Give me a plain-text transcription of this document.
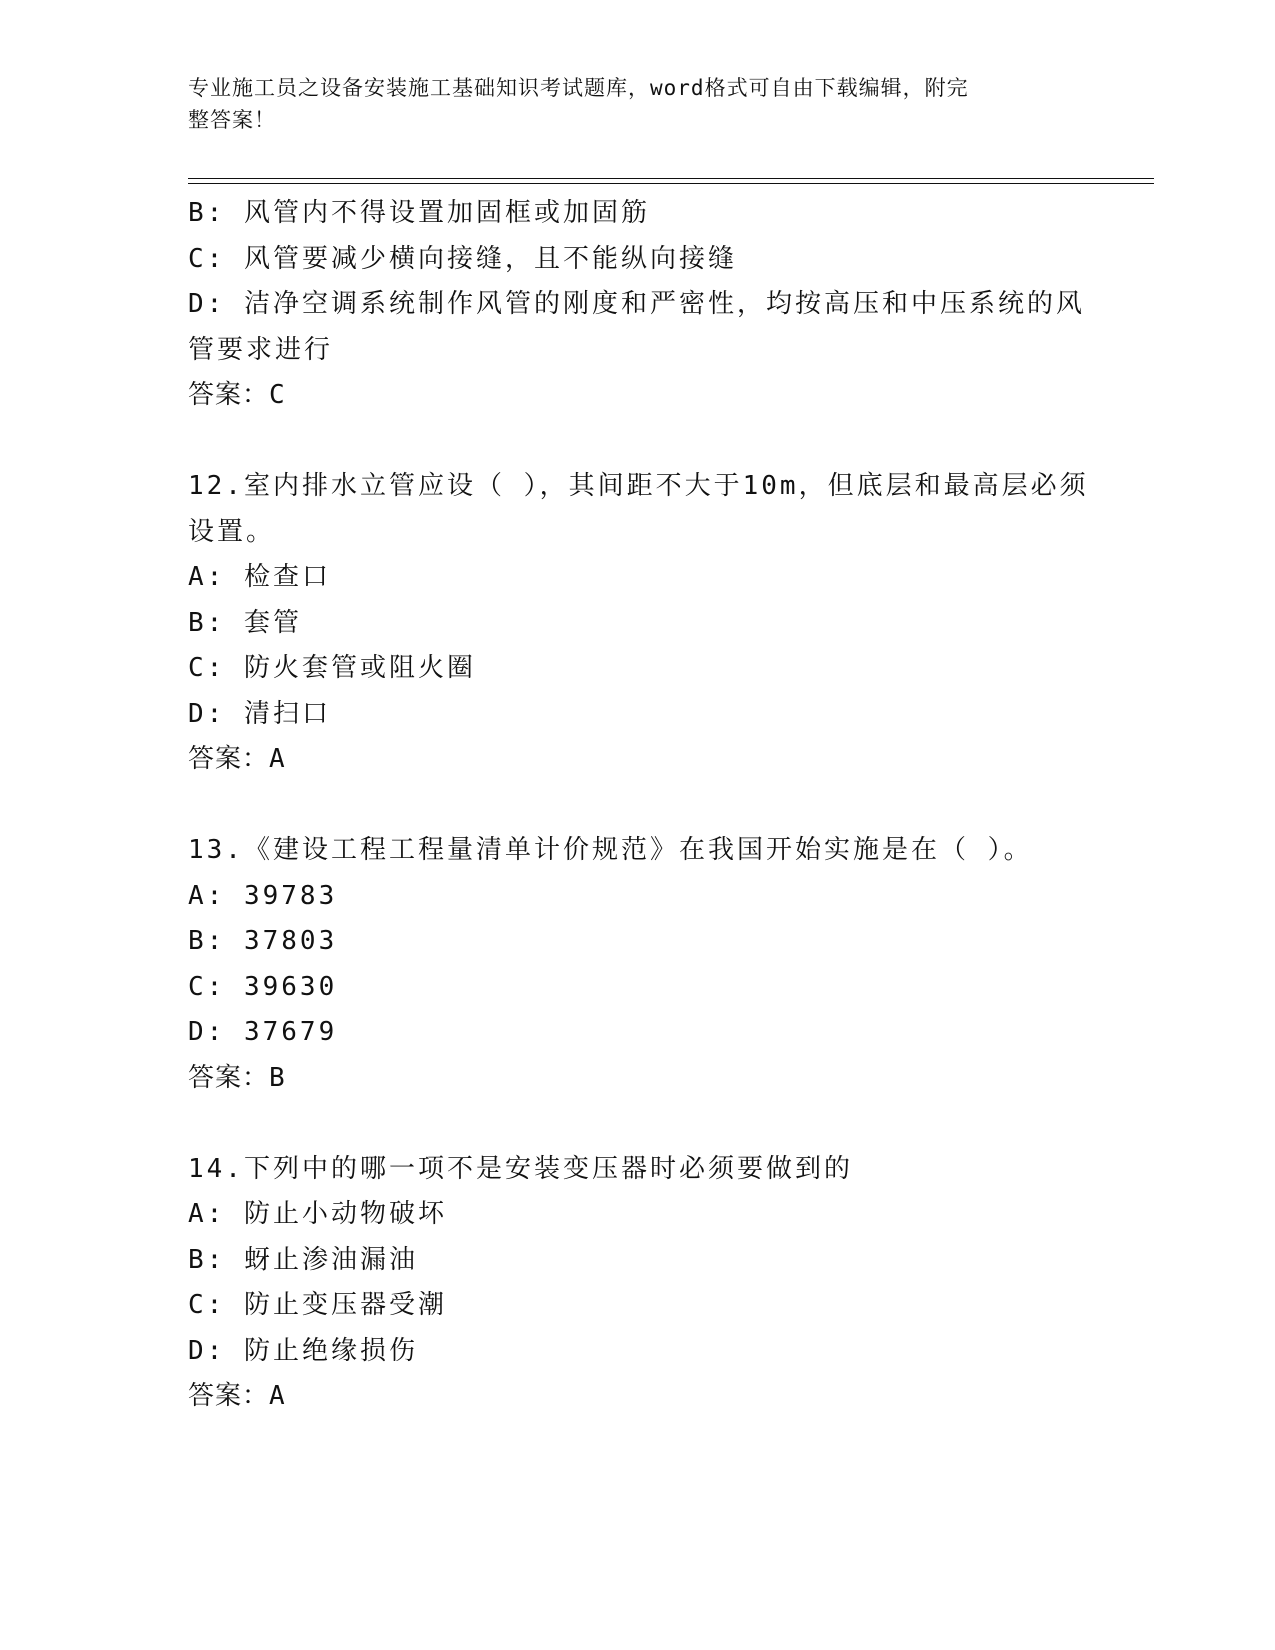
专业施工员之设备安装施工基础知识考试题库，word格式可自由下载编辑，附完
整答案！
B: 风管内不得设置加固框或加固筋
C: 风管要减少横向接缝，且不能纵向接缝
D: 洁净空调系统制作风管的刚度和严密性，均按高压和中压系统的风
管要求进行
答案：C
12.室内排水立管应设（ ），其间距不大于10m，但底层和最高层必须
设置。
A: 检查口
B: 套管
C: 防火套管或阻火圈
D: 清扫口
答案：A
13.《建设工程工程量清单计价规范》在我国开始实施是在（ ）。
A: 39783
B: 37803
C: 39630
D: 37679
答案：B
14.下列中的哪一项不是安装变压器时必须要做到的
A: 防止小动物破坏
B: 蚜止渗油漏油
C: 防止变压器受潮
D: 防止绝缘损伤
答案：A
